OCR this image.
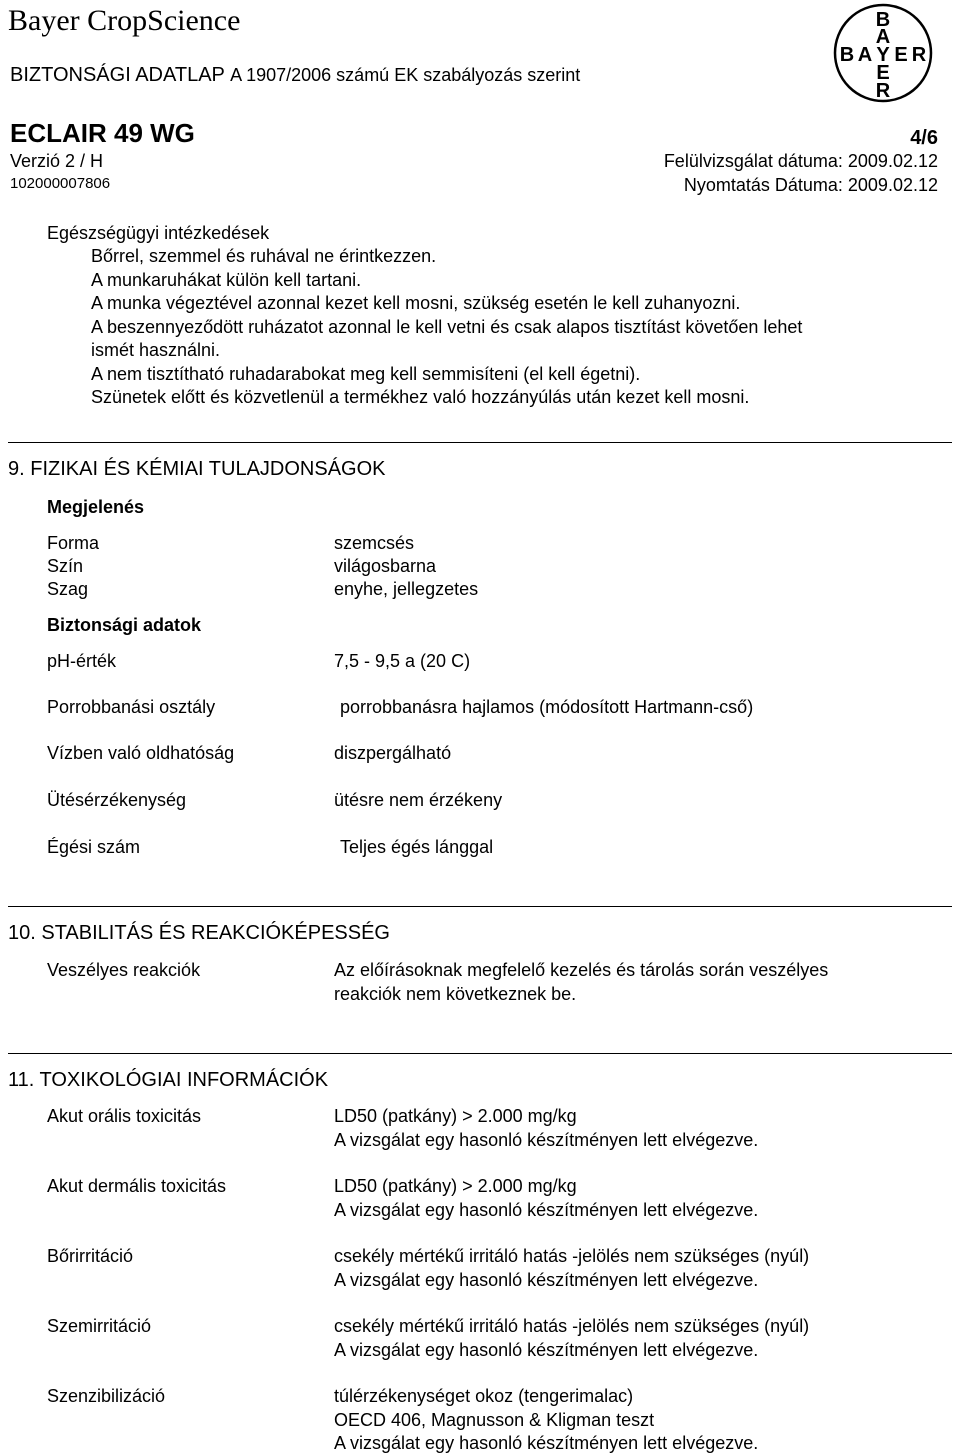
Bayer CropScience
BIZTONSÁGI ADATLAP A 1907/2006 számú EK szabályozás szerint
ECLAIR 49 WG	4/6
Verzió 2 / H	Felülvizsgálat dátuma: 2009.02.12
102000007806	Nyomtatás Dátuma: 2009.02.12
B
A
B A Y E R
E
R
Egészségügyi intézkedések
Bőrrel, szemmel és ruhával ne érintkezzen.
A munkaruhákat külön kell tartani.
A munka végeztével azonnal kezet kell mosni, szükség esetén le kell zuhanyozni.
A beszennyeződött ruházatot azonnal le kell vetni és csak alapos tisztítást követően lehet
ismét használni.
A nem tisztítható ruhadarabokat meg kell semmisíteni (el kell égetni).
Szünetek előtt és közvetlenül a termékhez való hozzányúlás után kezet kell mosni.
9. FIZIKAI ÉS KÉMIAI TULAJDONSÁGOK
Megjelenés
Forma	szemcsés
Szín	világosbarna
Szag	enyhe, jellegzetes
Biztonsági adatok
pH-érték	7,5 - 9,5 a (20 C)
Porrobbanási osztály	porrobbanásra hajlamos (módosított Hartmann-cső)
Vízben való oldhatóság	diszpergálható
Ütésérzékenység	ütésre nem érzékeny
Égési szám	Teljes égés lánggal
10. STABILITÁS ÉS REAKCIÓKÉPESSÉG
Veszélyes reakciók	Az előírásoknak megfelelő kezelés és tárolás során veszélyes
reakciók nem következnek be.
11. TOXIKOLÓGIAI INFORMÁCIÓK
Akut orális toxicitás	LD50 (patkány) > 2.000 mg/kg
A vizsgálat egy hasonló készítményen lett elvégezve.
Akut dermális toxicitás	LD50 (patkány) > 2.000 mg/kg
A vizsgálat egy hasonló készítményen lett elvégezve.
Bőrirritáció	csekély mértékű irritáló hatás -jelölés nem szükséges (nyúl)
A vizsgálat egy hasonló készítményen lett elvégezve.
Szemirritáció	csekély mértékű irritáló hatás -jelölés nem szükséges (nyúl)
A vizsgálat egy hasonló készítményen lett elvégezve.
Szenzibilizáció	túlérzékenységet okoz (tengerimalac)
OECD 406, Magnusson & Kligman teszt
A vizsgálat egy hasonló készítményen lett elvégezve.
